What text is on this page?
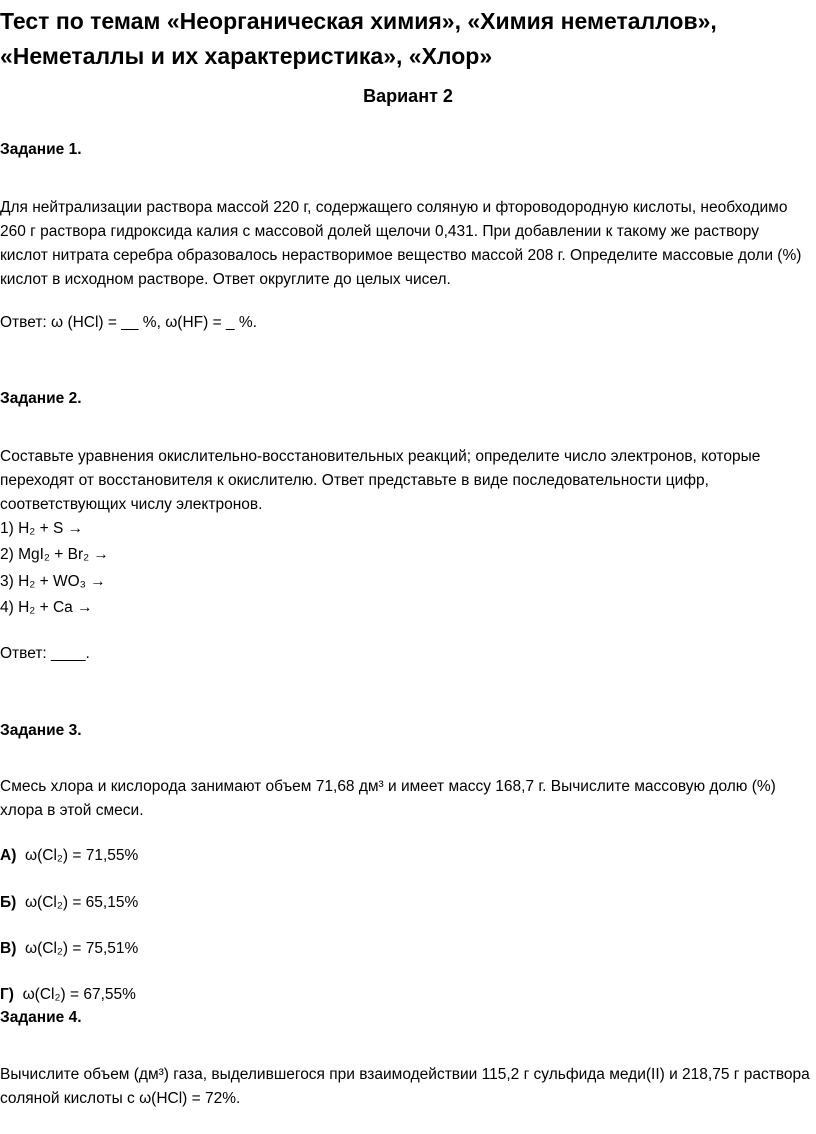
Тест по темам «Неорганическая химия», «Химия неметаллов», «Неметаллы и их характеристика», «Хлор»
Вариант 2
Задание 1.
Для нейтрализации раствора массой 220 г, содержащего соляную и фтороводородную кислоты, необходимо 260 г раствора гидроксида калия с массовой долей щелочи 0,431. При добавлении к такому же раствору кислот нитрата серебра образовалось нерастворимое вещество массой 208 г. Определите массовые доли (%) кислот в исходном растворе. Ответ округлите до целых чисел.
Ответ: ω (HCl) = __ %, ω(HF) = _ %.
Задание 2.
Составьте уравнения окислительно-восстановительных реакций; определите число электронов, которые переходят от восстановителя к окислителю. Ответ представьте в виде последовательности цифр, соответствующих числу электронов.
1) H₂ + S →
2) MgI₂ + Br₂ →
3) H₂ + WO₃ →
4) H₂ + Ca →
Ответ: ____.
Задание 3.
Смесь хлора и кислорода занимают объем 71,68 дм³ и имеет массу 168,7 г. Вычислите массовую долю (%) хлора в этой смеси.
А) ω(Cl₂) = 71,55%
Б) ω(Cl₂) = 65,15%
В) ω(Cl₂) = 75,51%
Г) ω(Cl₂) = 67,55%
Задание 4.
Вычислите объем (дм³) газа, выделившегося при взаимодействии 115,2 г сульфида меди(II) и 218,75 г раствора соляной кислоты с ω(HCl) = 72%.
